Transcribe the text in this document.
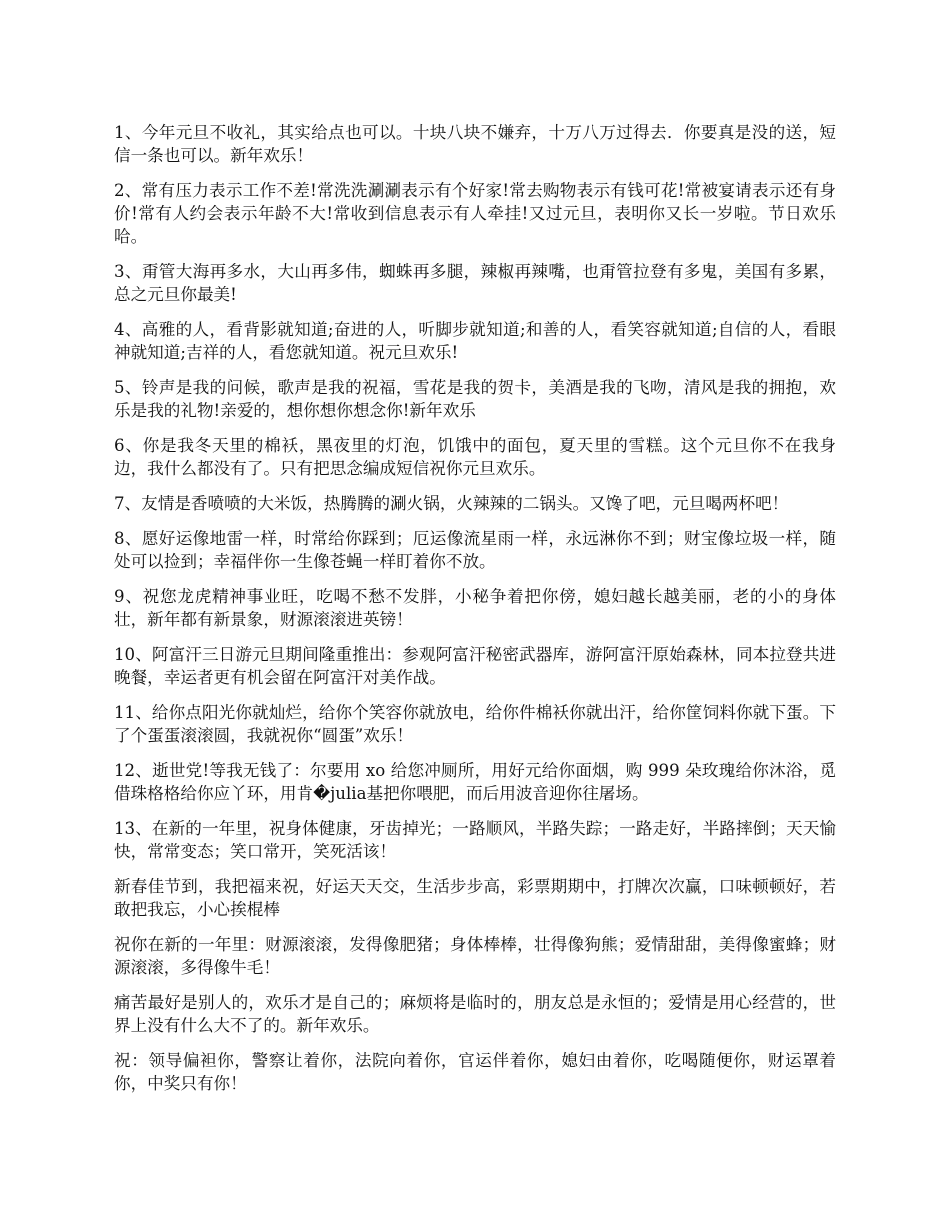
1、今年元旦不收礼，其实给点也可以。十块八块不嫌弃，十万八万过得去．你要真是没的送，短信一条也可以。新年欢乐！

2、常有压力表示工作不差!常洗洗涮涮表示有个好家!常去购物表示有钱可花!常被宴请表示还有身价!常有人约会表示年龄不大!常收到信息表示有人牵挂!又过元旦，表明你又长一岁啦。节日欢乐哈。

3、甭管大海再多水，大山再多伟，蜘蛛再多腿，辣椒再辣嘴，也甭管拉登有多鬼，美国有多累，总之元旦你最美!

4、高雅的人，看背影就知道;奋进的人，听脚步就知道;和善的人，看笑容就知道;自信的人，看眼神就知道;吉祥的人，看您就知道。祝元旦欢乐!

5、铃声是我的问候，歌声是我的祝福，雪花是我的贺卡，美酒是我的飞吻，清风是我的拥抱，欢乐是我的礼物!亲爱的，想你想你想念你!新年欢乐

6、你是我冬天里的棉袄，黑夜里的灯泡，饥饿中的面包，夏天里的雪糕。这个元旦你不在我身边，我什么都没有了。只有把思念编成短信祝你元旦欢乐。

7、友情是香喷喷的大米饭，热腾腾的涮火锅，火辣辣的二锅头。又馋了吧，元旦喝两杯吧！

8、愿好运像地雷一样，时常给你踩到；厄运像流星雨一样，永远淋你不到；财宝像垃圾一样，随处可以捡到；幸福伴你一生像苍蝇一样盯着你不放。

9、祝您龙虎精神事业旺，吃喝不愁不发胖，小秘争着把你傍，媳妇越长越美丽，老的小的身体壮，新年都有新景象，财源滚滚进英镑！

10、阿富汗三日游元旦期间隆重推出：参观阿富汗秘密武器库，游阿富汗原始森林，同本拉登共进晚餐，幸运者更有机会留在阿富汗对美作战。

11、给你点阳光你就灿烂，给你个笑容你就放电，给你件棉袄你就出汗，给你筐饲料你就下蛋。下了个蛋蛋滚滚圆，我就祝你“圆蛋”欢乐！

12、逝世党!等我无钱了：尔要用 xo 给您冲厕所，用好元给你面烟，购 999 朵玫瑰给你沐浴，觅借珠格格给你应丫环，用肯�julia基把你喂肥，而后用波音迎你往屠场。

13、在新的一年里，祝身体健康，牙齿掉光；一路顺风，半路失踪；一路走好，半路摔倒；天天愉快，常常变态；笑口常开，笑死活该！

新春佳节到，我把福来祝，好运天天交，生活步步高，彩票期期中，打牌次次赢，口味顿顿好，若敢把我忘，小心挨棍棒

祝你在新的一年里：财源滚滚，发得像肥猪；身体棒棒，壮得像狗熊；爱情甜甜，美得像蜜蜂；财源滚滚，多得像牛毛！

痛苦最好是别人的，欢乐才是自己的；麻烦将是临时的，朋友总是永恒的；爱情是用心经营的，世界上没有什么大不了的。新年欢乐。

祝：领导偏袒你，警察让着你，法院向着你，官运伴着你，媳妇由着你，吃喝随便你，财运罩着你，中奖只有你！
